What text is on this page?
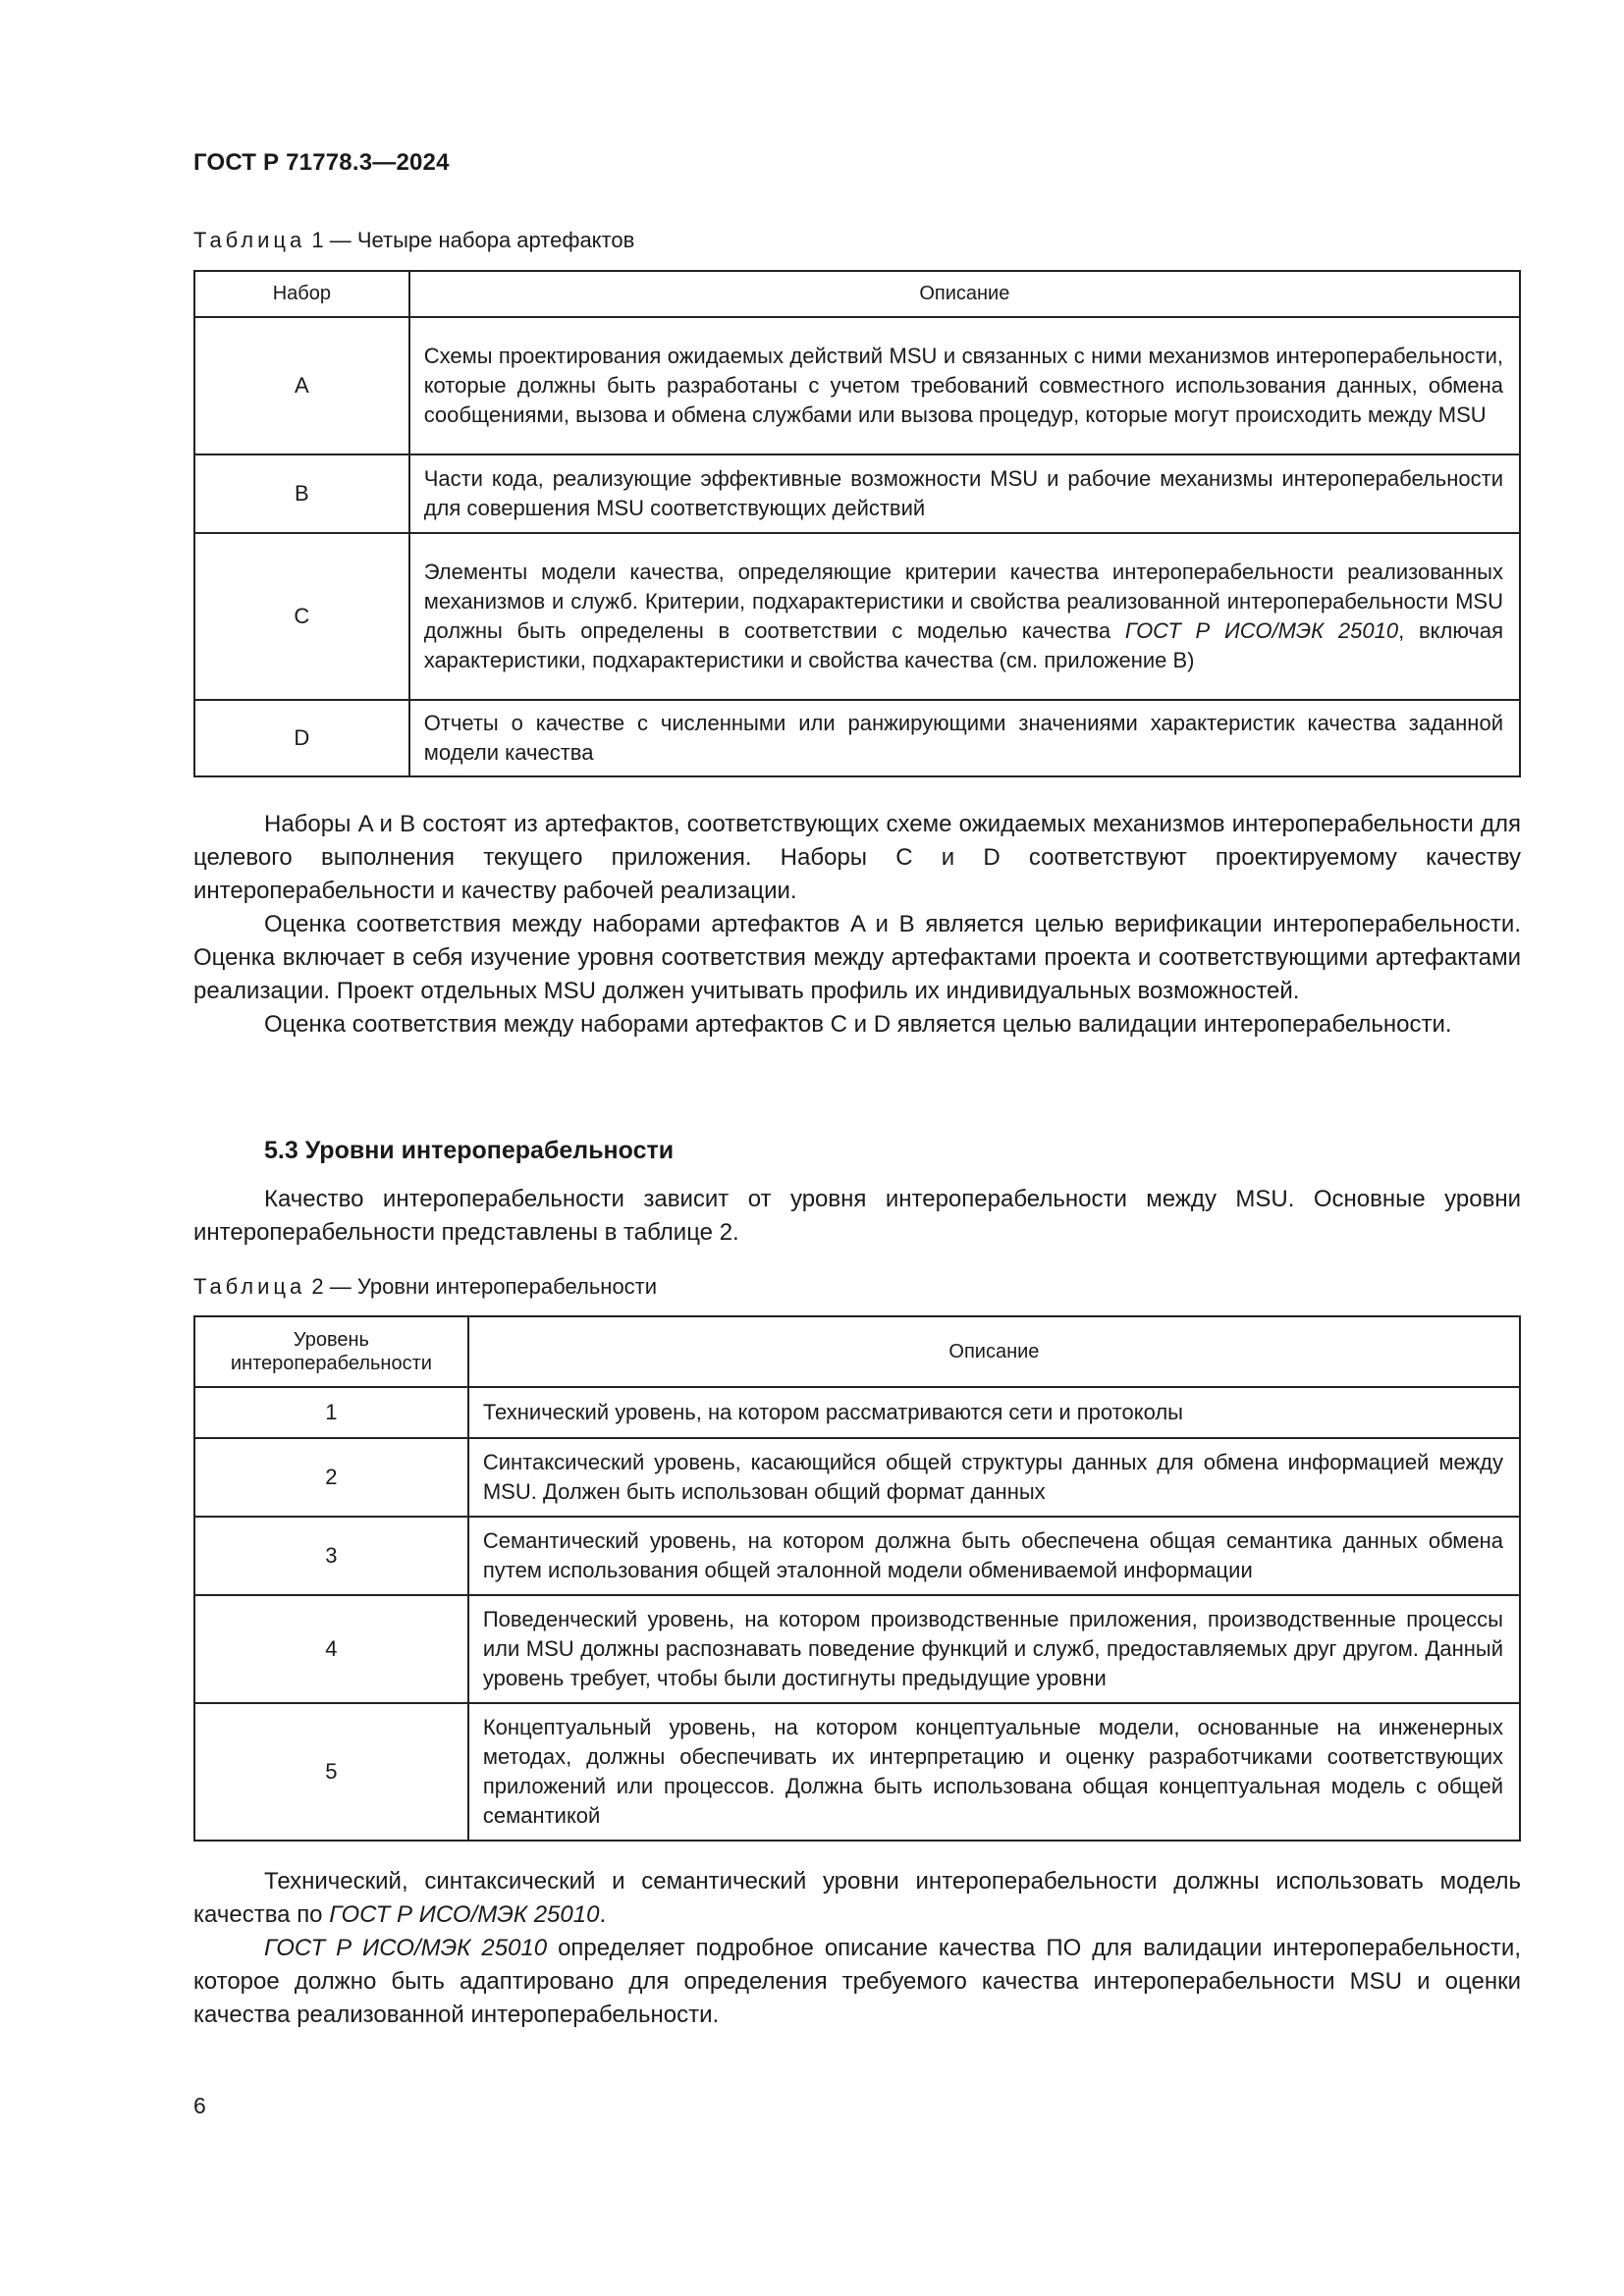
ГОСТ Р 71778.3—2024
Таблица 1 — Четыре набора артефактов
Набор	Описание
A	Схемы проектирования ожидаемых действий MSU и связанных с ними механизмов интероперабельности, которые должны быть разработаны с учетом требований совместного использования данных, обмена сообщениями, вызова и обмена службами или вызова процедур, которые могут происходить между MSU
B	Части кода, реализующие эффективные возможности MSU и рабочие механизмы интероперабельности для совершения MSU соответствующих действий
C	Элементы модели качества, определяющие критерии качества интероперабельности реализованных механизмов и служб. Критерии, подхарактеристики и свойства реализованной интероперабельности MSU должны быть определены в соответствии с моделью качества ГОСТ Р ИСО/МЭК 25010, включая характеристики, подхарактеристики и свойства качества (см. приложение B)
D	Отчеты о качестве с численными или ранжирующими значениями характеристик качества заданной модели качества

Наборы A и B состоят из артефактов, соответствующих схеме ожидаемых механизмов интероперабельности для целевого выполнения текущего приложения. Наборы C и D соответствуют проектируемому качеству интероперабельности и качеству рабочей реализации.

Оценка соответствия между наборами артефактов A и B является целью верификации интероперабельности. Оценка включает в себя изучение уровня соответствия между артефактами проекта и соответствующими артефактами реализации. Проект отдельных MSU должен учитывать профиль их индивидуальных возможностей.

Оценка соответствия между наборами артефактов C и D является целью валидации интероперабельности.

5.3 Уровни интероперабельности

Качество интероперабельности зависит от уровня интероперабельности между MSU. Основные уровни интероперабельности представлены в таблице 2.

Таблица 2 — Уровни интероперабельности
Уровень интероперабельности	Описание
1	Технический уровень, на котором рассматриваются сети и протоколы
2	Синтаксический уровень, касающийся общей структуры данных для обмена информацией между MSU. Должен быть использован общий формат данных
3	Семантический уровень, на котором должна быть обеспечена общая семантика данных обмена путем использования общей эталонной модели обмениваемой информации
4	Поведенческий уровень, на котором производственные приложения, производственные процессы или MSU должны распознавать поведение функций и служб, предоставляемых друг другом. Данный уровень требует, чтобы были достигнуты предыдущие уровни
5	Концептуальный уровень, на котором концептуальные модели, основанные на инженерных методах, должны обеспечивать их интерпретацию и оценку разработчиками соответствующих приложений или процессов. Должна быть использована общая концептуальная модель с общей семантикой

Технический, синтаксический и семантический уровни интероперабельности должны использовать модель качества по ГОСТ Р ИСО/МЭК 25010.

ГОСТ Р ИСО/МЭК 25010 определяет подробное описание качества ПО для валидации интероперабельности, которое должно быть адаптировано для определения требуемого качества интероперабельности MSU и оценки качества реализованной интероперабельности.

6
